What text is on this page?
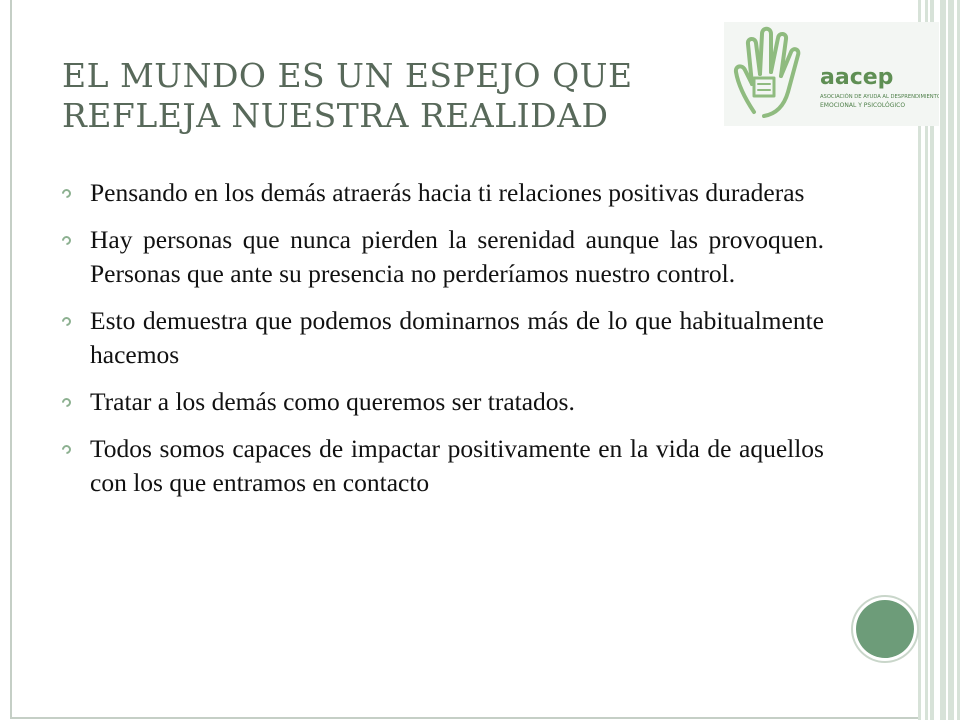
EL MUNDO ES UN ESPEJO QUE
REFLEJA NUESTRA REALIDAD
aacep
ASOCIACIÓN DE AYUDA AL DESPRENDIMIENTO
EMOCIONAL Y PSICOLÓGICO
Pensando en los demás atraerás hacia ti relaciones positivas duraderas
Hay personas que nunca pierden la serenidad aunque las provoquen. Personas que ante su presencia no perderíamos nuestro control.
Esto demuestra que podemos dominarnos más de lo que habitualmente hacemos
Tratar a los demás como queremos ser tratados.
Todos somos capaces de impactar positivamente en la vida de aquellos con los que entramos en contacto
